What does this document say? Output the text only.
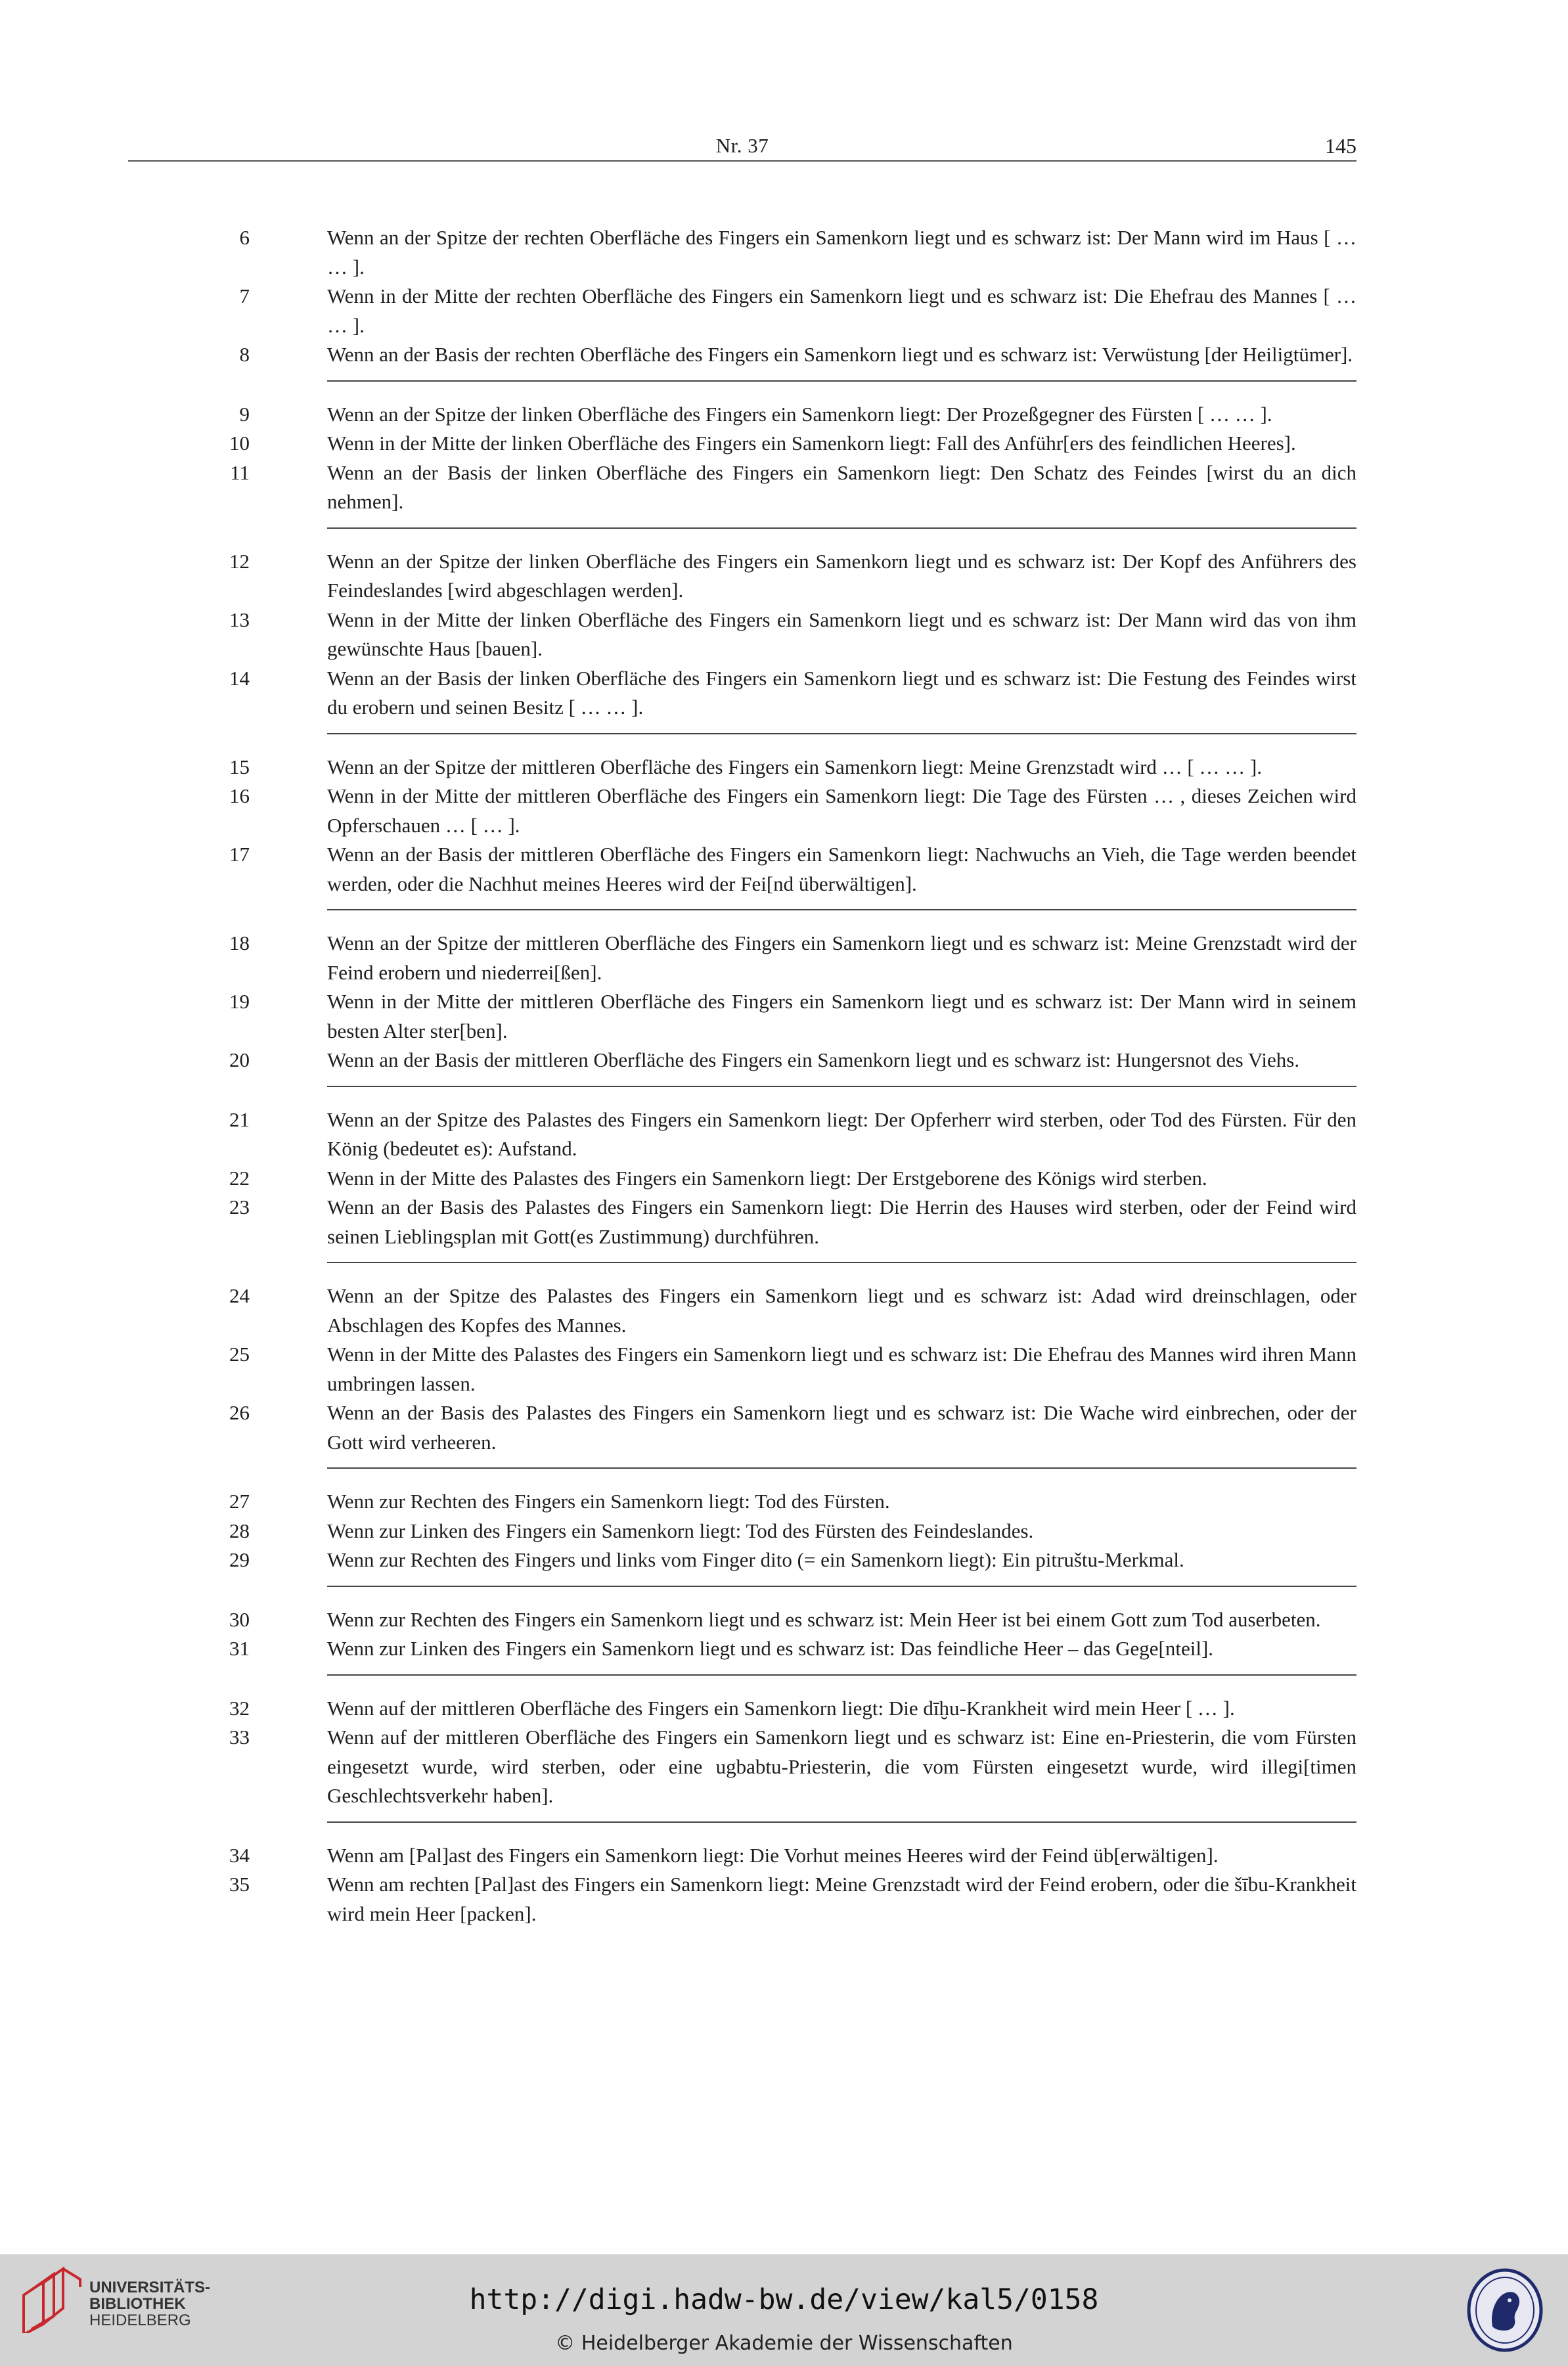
Nr. 37	145
6	Wenn an der Spitze der rechten Oberfläche des Fingers ein Samenkorn liegt und es schwarz ist: Der Mann wird im Haus [ … … ].
7	Wenn in der Mitte der rechten Oberfläche des Fingers ein Samenkorn liegt und es schwarz ist: Die Ehefrau des Mannes [ … … ].
8	Wenn an der Basis der rechten Oberfläche des Fingers ein Samenkorn liegt und es schwarz ist: Verwüstung [der Heiligtümer].
9	Wenn an der Spitze der linken Oberfläche des Fingers ein Samenkorn liegt: Der Prozeßgegner des Fürsten [ … … ].
10	Wenn in der Mitte der linken Oberfläche des Fingers ein Samenkorn liegt: Fall des Anführ[ers des feindlichen Heeres].
11	Wenn an der Basis der linken Oberfläche des Fingers ein Samenkorn liegt: Den Schatz des Feindes [wirst du an dich nehmen].
12	Wenn an der Spitze der linken Oberfläche des Fingers ein Samenkorn liegt und es schwarz ist: Der Kopf des Anführers des Feindeslandes [wird abgeschlagen werden].
13	Wenn in der Mitte der linken Oberfläche des Fingers ein Samenkorn liegt und es schwarz ist: Der Mann wird das von ihm gewünschte Haus [bauen].
14	Wenn an der Basis der linken Oberfläche des Fingers ein Samenkorn liegt und es schwarz ist: Die Festung des Feindes wirst du erobern und seinen Besitz [ … … ].
15	Wenn an der Spitze der mittleren Oberfläche des Fingers ein Samenkorn liegt: Meine Grenzstadt wird … [ … … ].
16	Wenn in der Mitte der mittleren Oberfläche des Fingers ein Samenkorn liegt: Die Tage des Fürsten … , dieses Zeichen wird Opferschauen … [ … ].
17	Wenn an der Basis der mittleren Oberfläche des Fingers ein Samenkorn liegt: Nachwuchs an Vieh, die Tage werden beendet werden, oder die Nachhut meines Heeres wird der Fei[nd überwältigen].
18	Wenn an der Spitze der mittleren Oberfläche des Fingers ein Samenkorn liegt und es schwarz ist: Meine Grenzstadt wird der Feind erobern und niederrei[ßen].
19	Wenn in der Mitte der mittleren Oberfläche des Fingers ein Samenkorn liegt und es schwarz ist: Der Mann wird in seinem besten Alter ster[ben].
20	Wenn an der Basis der mittleren Oberfläche des Fingers ein Samenkorn liegt und es schwarz ist: Hungersnot des Viehs.
21	Wenn an der Spitze des Palastes des Fingers ein Samenkorn liegt: Der Opferherr wird sterben, oder Tod des Fürsten. Für den König (bedeutet es): Aufstand.
22	Wenn in der Mitte des Palastes des Fingers ein Samenkorn liegt: Der Erstgeborene des Königs wird sterben.
23	Wenn an der Basis des Palastes des Fingers ein Samenkorn liegt: Die Herrin des Hauses wird sterben, oder der Feind wird seinen Lieblingsplan mit Gott(es Zustimmung) durchführen.
24	Wenn an der Spitze des Palastes des Fingers ein Samenkorn liegt und es schwarz ist: Adad wird dreinschlagen, oder Abschlagen des Kopfes des Mannes.
25	Wenn in der Mitte des Palastes des Fingers ein Samenkorn liegt und es schwarz ist: Die Ehefrau des Mannes wird ihren Mann umbringen lassen.
26	Wenn an der Basis des Palastes des Fingers ein Samenkorn liegt und es schwarz ist: Die Wache wird einbrechen, oder der Gott wird verheeren.
27	Wenn zur Rechten des Fingers ein Samenkorn liegt: Tod des Fürsten.
28	Wenn zur Linken des Fingers ein Samenkorn liegt: Tod des Fürsten des Feindeslandes.
29	Wenn zur Rechten des Fingers und links vom Finger dito (= ein Samenkorn liegt): Ein pitruštu-Merkmal.
30	Wenn zur Rechten des Fingers ein Samenkorn liegt und es schwarz ist: Mein Heer ist bei einem Gott zum Tod auserbeten.
31	Wenn zur Linken des Fingers ein Samenkorn liegt und es schwarz ist: Das feindliche Heer – das Gege[nteil].
32	Wenn auf der mittleren Oberfläche des Fingers ein Samenkorn liegt: Die dīḫu-Krankheit wird mein Heer [ … ].
33	Wenn auf der mittleren Oberfläche des Fingers ein Samenkorn liegt und es schwarz ist: Eine en-Priesterin, die vom Fürsten eingesetzt wurde, wird sterben, oder eine ugbabtu-Priesterin, die vom Fürsten eingesetzt wurde, wird illegi[timen Geschlechtsverkehr haben].
34	Wenn am [Pal]ast des Fingers ein Samenkorn liegt: Die Vorhut meines Heeres wird der Feind üb[erwältigen].
35	Wenn am rechten [Pal]ast des Fingers ein Samenkorn liegt: Meine Grenzstadt wird der Feind erobern, oder die šību-Krankheit wird mein Heer [packen].
UNIVERSITÄTS-
BIBLIOTHEK
HEIDELBERG
http://digi.hadw-bw.de/view/kal5/0158
© Heidelberger Akademie der Wissenschaften
